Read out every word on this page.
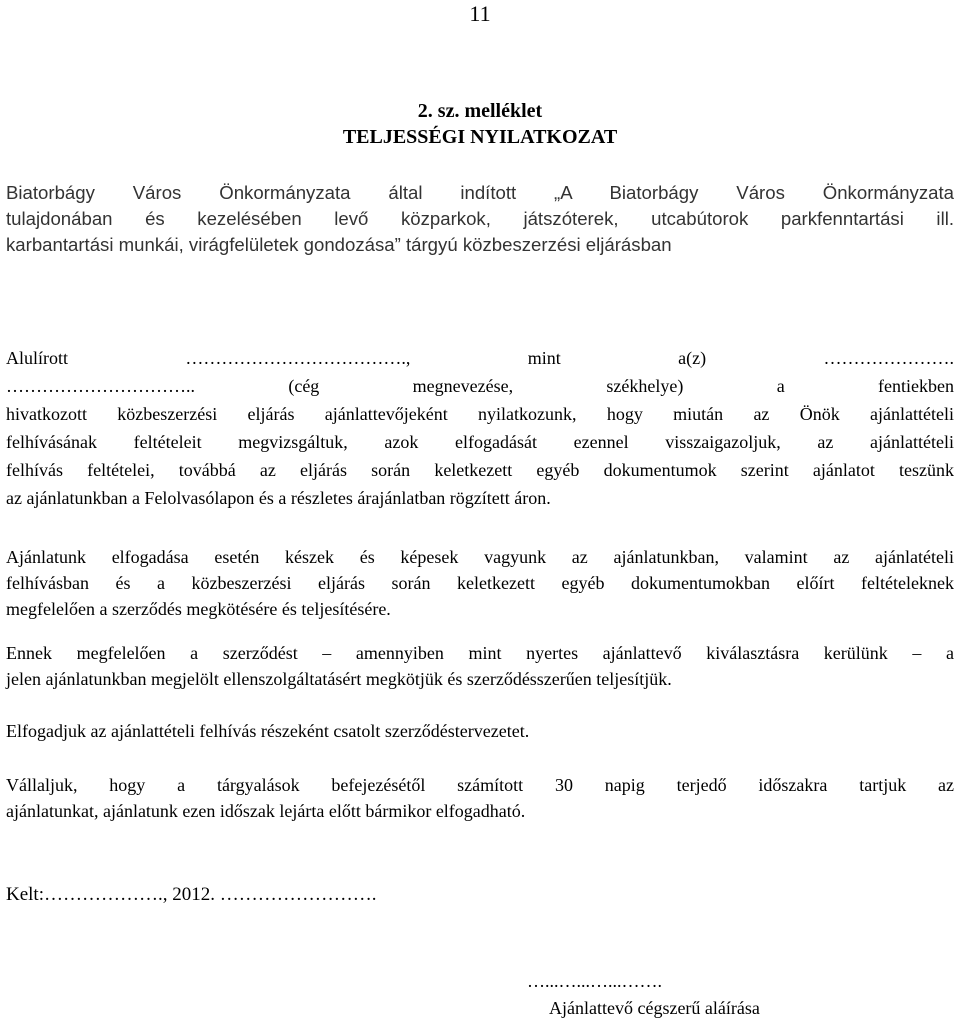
11
2. sz. melléklet
TELJESSÉGI NYILATKOZAT
Biatorbágy Város Önkormányzata által indított „A Biatorbágy Város Önkormányzata
tulajdonában és kezelésében levő közparkok, játszóterek, utcabútorok parkfenntartási ill.
karbantartási munkái, virágfelületek gondozása” tárgyú közbeszerzési eljárásban
Alulírott ………………………………., mint a(z) ………………….
………………………….. (cég megnevezése, székhelye) a fentiekben
hivatkozott közbeszerzési eljárás ajánlattevőjeként nyilatkozunk, hogy miután az Önök ajánlattételi
felhívásának feltételeit megvizsgáltuk, azok elfogadását ezennel visszaigazoljuk, az ajánlattételi
felhívás feltételei, továbbá az eljárás során keletkezett egyéb dokumentumok szerint ajánlatot teszünk
az ajánlatunkban a Felolvasólapon és a részletes árajánlatban rögzített áron.
Ajánlatunk elfogadása esetén készek és képesek vagyunk az ajánlatunkban, valamint az ajánlatételi
felhívásban és a közbeszerzési eljárás során keletkezett egyéb dokumentumokban előírt feltételeknek
megfelelően a szerződés megkötésére és teljesítésére.
Ennek megfelelően a szerződést – amennyiben mint nyertes ajánlattevő kiválasztásra kerülünk – a
jelen ajánlatunkban megjelölt ellenszolgáltatásért megkötjük és szerződésszerűen teljesítjük.
Elfogadjuk az ajánlattételi felhívás részeként csatolt szerződéstervezetet.
Vállaljuk, hogy a tárgyalások befejezésétől számított 30 napig terjedő időszakra tartjuk az
ajánlatunkat, ajánlatunk ezen időszak lejárta előtt bármikor elfogadható.
Kelt:………………., 2012. …………………….
…...…...…...…….
Ajánlattevő cégszerű aláírása
